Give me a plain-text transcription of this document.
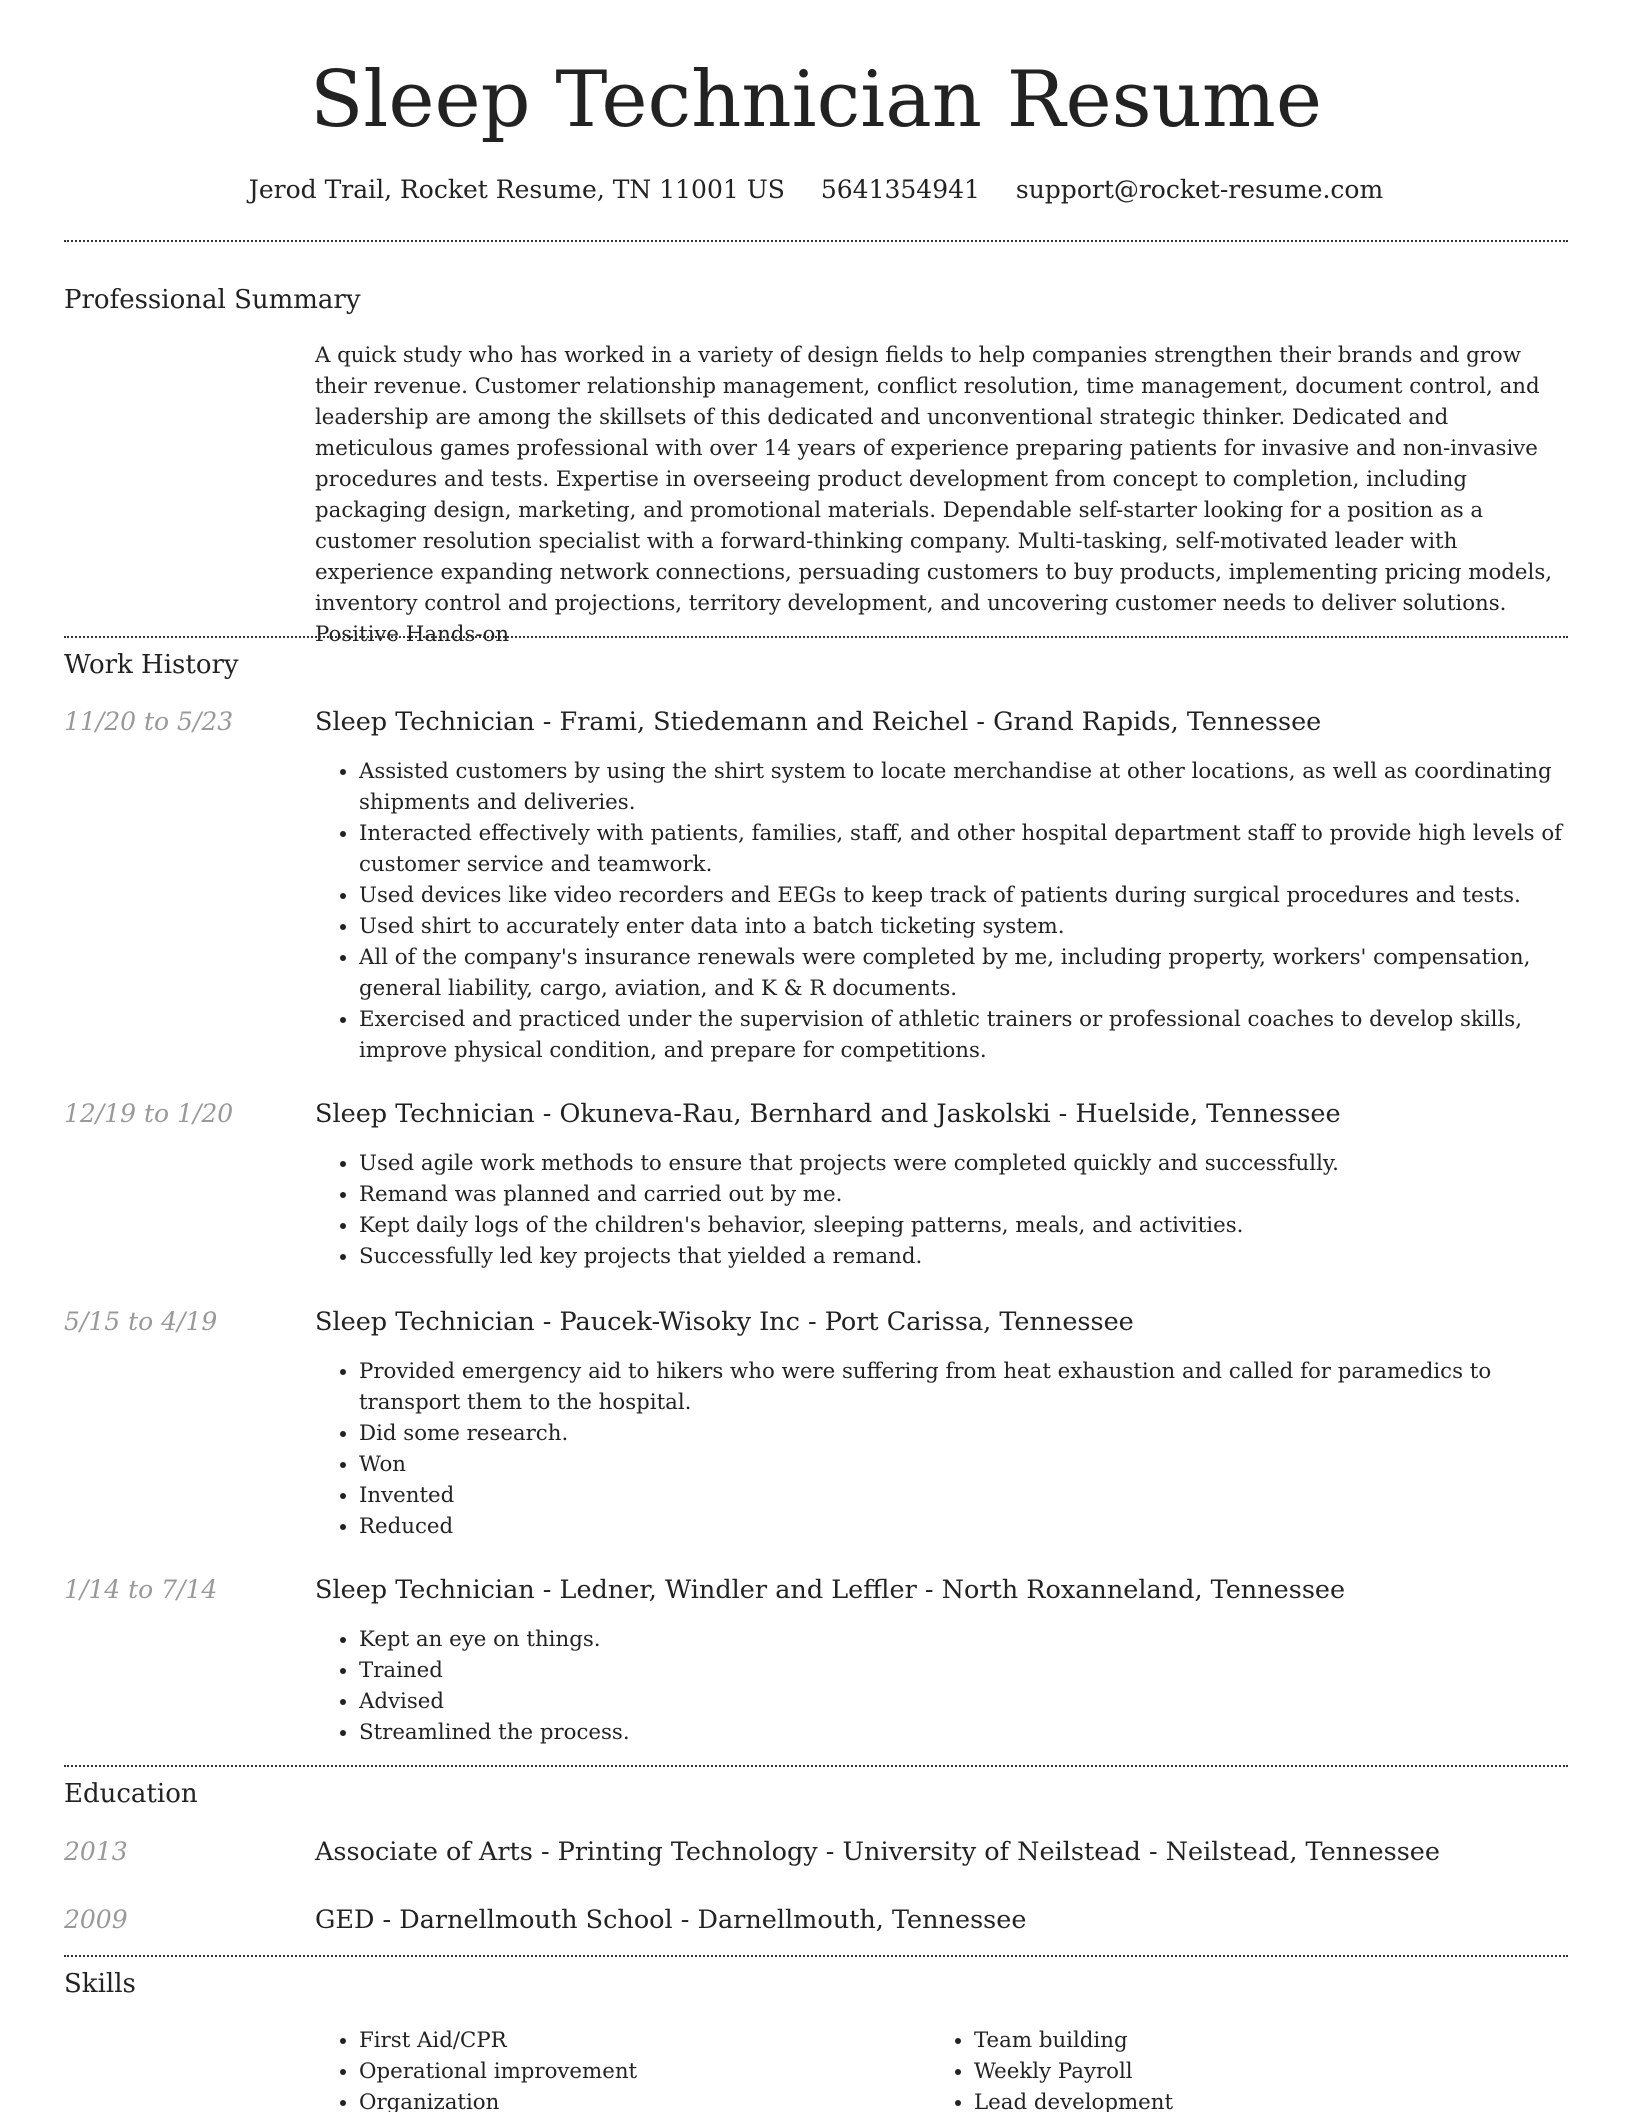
Sleep Technician Resume
Jerod Trail, Rocket Resume, TN 11001 US 5641354941 support@rocket-resume.com
Professional Summary
A quick study who has worked in a variety of design fields to help companies strengthen their brands and grow their revenue. Customer relationship management, conflict resolution, time management, document control, and leadership are among the skillsets of this dedicated and unconventional strategic thinker. Dedicated and meticulous games professional with over 14 years of experience preparing patients for invasive and non-invasive procedures and tests. Expertise in overseeing product development from concept to completion, including packaging design, marketing, and promotional materials. Dependable self-starter looking for a position as a customer resolution specialist with a forward-thinking company. Multi-tasking, self-motivated leader with experience expanding network connections, persuading customers to buy products, implementing pricing models, inventory control and projections, territory development, and uncovering customer needs to deliver solutions. Positive Hands-on
Work History
11/20 to 5/23	Sleep Technician - Frami, Stiedemann and Reichel - Grand Rapids, Tennessee
• Assisted customers by using the shirt system to locate merchandise at other locations, as well as coordinating shipments and deliveries.
• Interacted effectively with patients, families, staff, and other hospital department staff to provide high levels of customer service and teamwork.
• Used devices like video recorders and EEGs to keep track of patients during surgical procedures and tests.
• Used shirt to accurately enter data into a batch ticketing system.
• All of the company's insurance renewals were completed by me, including property, workers' compensation, general liability, cargo, aviation, and K & R documents.
• Exercised and practiced under the supervision of athletic trainers or professional coaches to develop skills, improve physical condition, and prepare for competitions.
12/19 to 1/20	Sleep Technician - Okuneva-Rau, Bernhard and Jaskolski - Huelside, Tennessee
• Used agile work methods to ensure that projects were completed quickly and successfully.
• Remand was planned and carried out by me.
• Kept daily logs of the children's behavior, sleeping patterns, meals, and activities.
• Successfully led key projects that yielded a remand.
5/15 to 4/19	Sleep Technician - Paucek-Wisoky Inc - Port Carissa, Tennessee
• Provided emergency aid to hikers who were suffering from heat exhaustion and called for paramedics to transport them to the hospital.
• Did some research.
• Won
• Invented
• Reduced
1/14 to 7/14	Sleep Technician - Ledner, Windler and Leffler - North Roxanneland, Tennessee
• Kept an eye on things.
• Trained
• Advised
• Streamlined the process.
Education
2013	Associate of Arts - Printing Technology - University of Neilstead - Neilstead, Tennessee
2009	GED - Darnellmouth School - Darnellmouth, Tennessee
Skills
• First Aid/CPR
• Operational improvement
• Organization
• Team building
• Weekly Payroll
• Lead development
